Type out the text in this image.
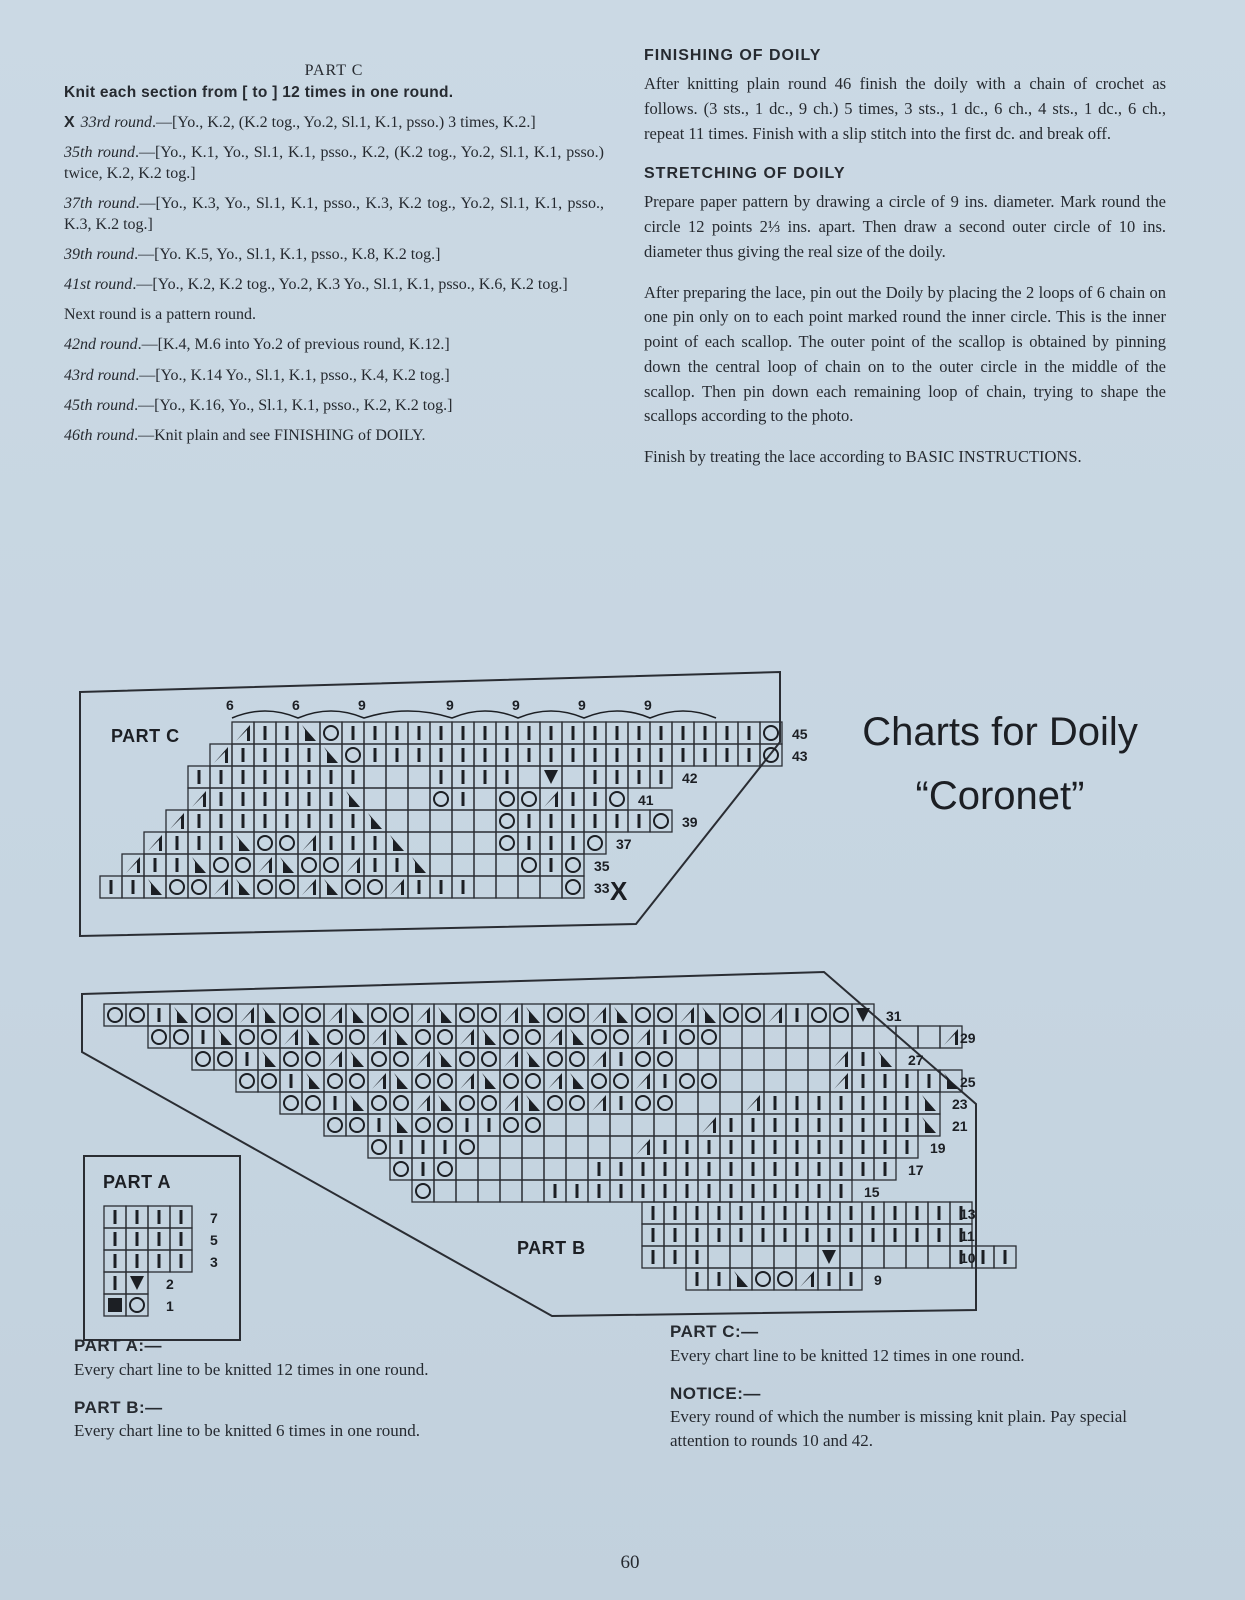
PART C

Knit each section from [ to ] 12 times in one round.

X 33rd round.—[Yo., K.2, (K.2 tog., Yo.2, Sl.1, K.1, psso.) 3 times, K.2.]

35th round.—[Yo., K.1, Yo., Sl.1, K.1, psso., K.2, (K.2 tog., Yo.2, Sl.1, K.1, psso.) twice, K.2, K.2 tog.]

37th round.—[Yo., K.3, Yo., Sl.1, K.1, psso., K.3, K.2 tog., Yo.2, Sl.1, K.1, psso., K.3, K.2 tog.]

39th round.—[Yo. K.5, Yo., Sl.1, K.1, psso., K.8, K.2 tog.]

41st round.—[Yo., K.2, K.2 tog., Yo.2, K.3 Yo., Sl.1, K.1, psso., K.6, K.2 tog.]

Next round is a pattern round.

42nd round.—[K.4, M.6 into Yo.2 of previous round, K.12.]

43rd round.—[Yo., K.14 Yo., Sl.1, K.1, psso., K.4, K.2 tog.]

45th round.—[Yo., K.16, Yo., Sl.1, K.1, psso., K.2, K.2 tog.]

46th round.—Knit plain and see FINISHING of DOILY.

FINISHING OF DOILY

After knitting plain round 46 finish the doily with a chain of crochet as follows. (3 sts., 1 dc., 9 ch.) 5 times, 3 sts., 1 dc., 6 ch., 4 sts., 1 dc., 6 ch., repeat 11 times. Finish with a slip stitch into the first dc. and break off.

STRETCHING OF DOILY

Prepare paper pattern by drawing a circle of 9 ins. diameter. Mark round the circle 12 points 2⅓ ins. apart. Then draw a second outer circle of 10 ins. diameter thus giving the real size of the doily.

After preparing the lace, pin out the Doily by placing the 2 loops of 6 chain on one pin only on to each point marked round the inner circle. This is the inner point of each scallop. The outer point of the scallop is obtained by pinning down the central loop of chain on to the outer circle in the middle of the scallop. Then pin down each remaining loop of chain, trying to shape the scallops according to the photo.

Finish by treating the lace according to BASIC INSTRUCTIONS.

Charts for Doily
“Coronet”
PART C	45
43
42
41
39
37
35
33
6	6	9	9	9	9	9
X
PART B
31
29
27
25
23
21
19
17
15
13
11
10
9
PART A
7
5
3
2
1

PART A:—

Every chart line to be knitted 12 times in one round.

PART B:—

Every chart line to be knitted 6 times in one round.

PART C:—

Every chart line to be knitted 12 times in one round.

NOTICE:—

Every round of which the number is missing knit plain. Pay special attention to rounds 10 and 42.

60
